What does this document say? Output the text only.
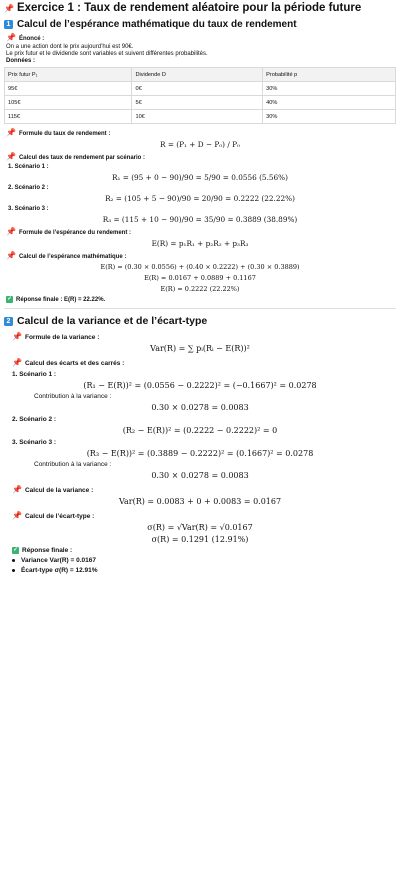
📌 Exercice 1 : Taux de rendement aléatoire pour la période future
1 Calcul de l’espérance mathématique du taux de rendement
📌 Énoncé :
On a une action dont le prix aujourd’hui est 90€.
Le prix futur et le dividende sont variables et suivent différentes probabilités.
Données :
Prix futur P₁	Dividende D	Probabilité p
95€	0€	30%
105€	5€	40%
115€	10€	30%
📌 Formule du taux de rendement :
R = (P₁ + D − P₀) / P₀
📌 Calcul des taux de rendement par scénario :
1. Scénario 1 :
R₁ = (95 + 0 − 90)/90 = 5/90 = 0.0556 (5.56%)
2. Scénario 2 :
R₂ = (105 + 5 − 90)/90 = 20/90 = 0.2222 (22.22%)
3. Scénario 3 :
R₃ = (115 + 10 − 90)/90 = 35/90 = 0.3889 (38.89%)
📌 Formule de l’espérance du rendement :
E(R) = p₁R₁ + p₂R₂ + p₃R₃
📌 Calcul de l’espérance mathématique :
E(R) = (0.30 × 0.0556) + (0.40 × 0.2222) + (0.30 × 0.3889)
E(R) = 0.0167 + 0.0889 + 0.1167
E(R) = 0.2222 (22.22%)
✓ Réponse finale : E(R) = 22.22%.
2 Calcul de la variance et de l’écart-type
📌 Formule de la variance :
Var(R) = ∑ pᵢ(Rᵢ − E(R))²
📌 Calcul des écarts et des carrés :
1. Scénario 1 :
(R₁ − E(R))² = (0.0556 − 0.2222)² = (−0.1667)² = 0.0278
Contribution à la variance :
0.30 × 0.0278 = 0.0083
2. Scénario 2 :
(R₂ − E(R))² = (0.2222 − 0.2222)² = 0
3. Scénario 3 :
(R₃ − E(R))² = (0.3889 − 0.2222)² = (0.1667)² = 0.0278
Contribution à la variance :
0.30 × 0.0278 = 0.0083
📌 Calcul de la variance :
Var(R) = 0.0083 + 0 + 0.0083 = 0.0167
📌 Calcul de l’écart-type :
σ(R) = √Var(R) = √0.0167
σ(R) = 0.1291 (12.91%)
✓ Réponse finale :
Variance Var(R) = 0.0167
Écart-type σ(R) = 12.91%
